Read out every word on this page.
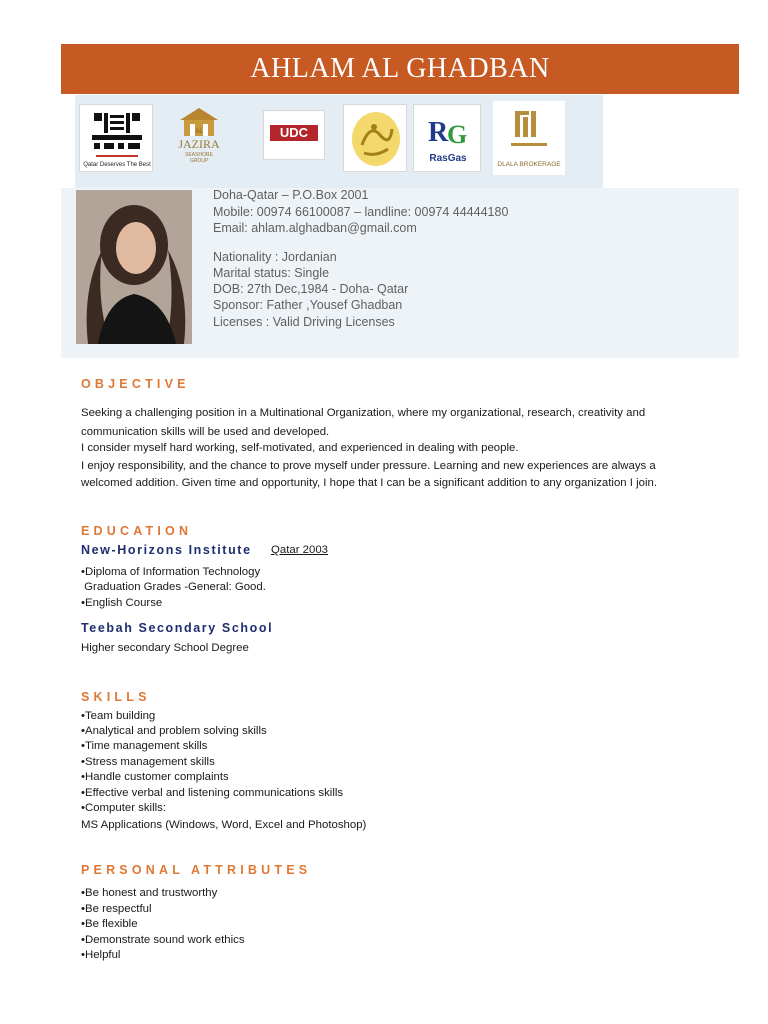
AHLAM AL GHADBAN
Qatar Deserves The Best
AL
JAZIRA
SEASHORE GROUP
UDC	R
G
RasGas
DLALA BROKERAGE
Doha-Qatar – P.O.Box 2001
Mobile: 00974 66100087 – landline: 00974 44444180
Email: ahlam.alghadban@gmail.com
Nationality : Jordanian
Marital status: Single
DOB: 27th Dec,1984 - Doha- Qatar
Sponsor: Father ,Yousef Ghadban
Licenses : Valid Driving Licenses
OBJECTIVE
Seeking a challenging position in a Multinational Organization, where my organizational, research, creativity and
communication skills will be used and developed.
I consider myself hard working, self-motivated, and experienced in dealing with people.
I enjoy responsibility, and the chance to prove myself under pressure. Learning and new experiences are always a
welcomed addition. Given time and opportunity, I hope that I can be a significant addition to any organization I join.
EDUCATION
New-Horizons Institute Qatar 2003
•Diploma of Information Technology
Graduation Grades -General: Good.
•English Course
Teebah Secondary School
Higher secondary School Degree
SKILLS
•Team building
•Analytical and problem solving skills
•Time management skills
•Stress management skills
•Handle customer complaints
•Effective verbal and listening communications skills
•Computer skills:
MS Applications (Windows, Word, Excel and Photoshop)
PERSONAL ATTRIBUTES
•Be honest and trustworthy
•Be respectful
•Be flexible
•Demonstrate sound work ethics
•Helpful
